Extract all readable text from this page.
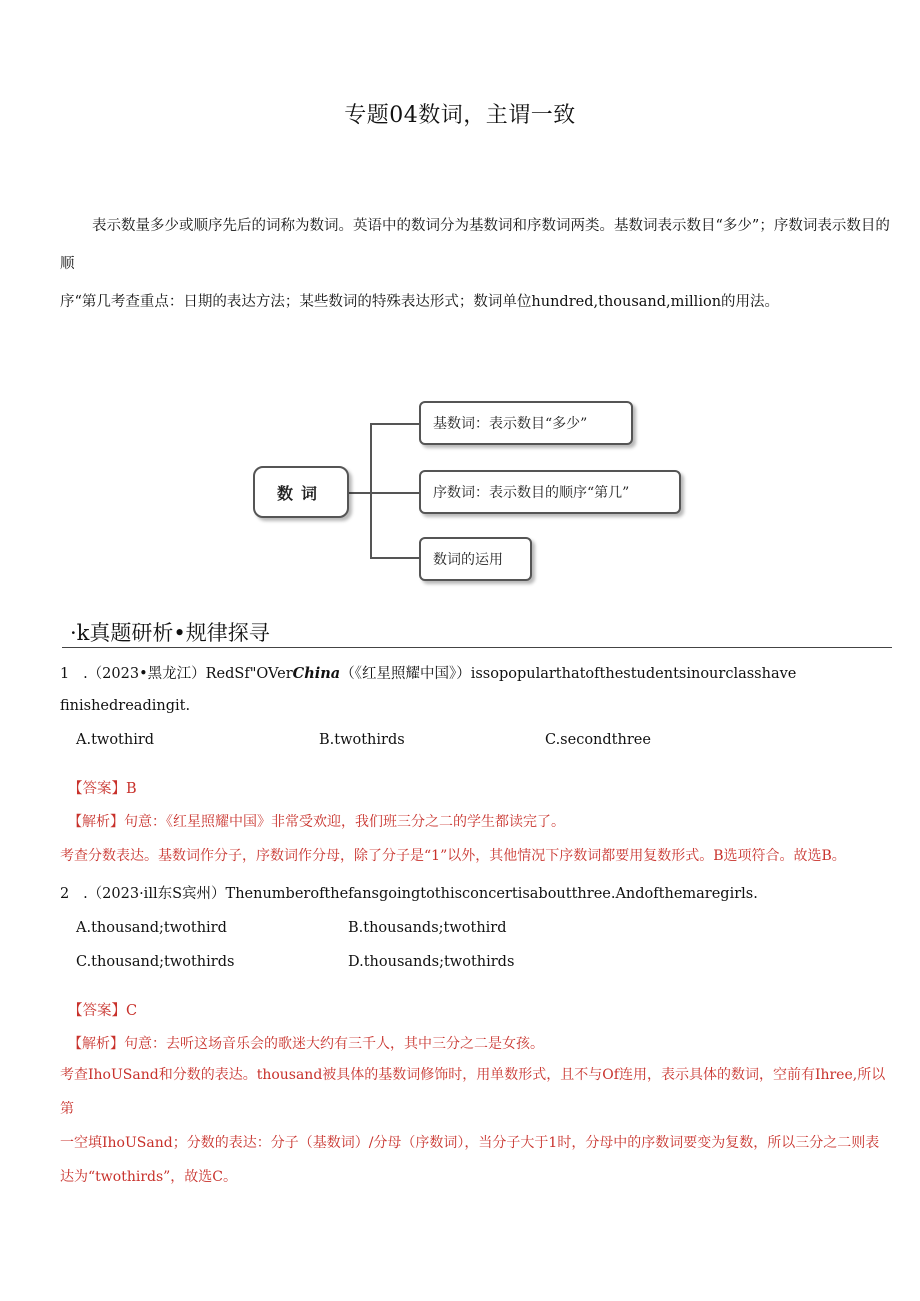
专题04数词，主谓一致

表示数量多少或顺序先后的词称为数词。英语中的数词分为基数词和序数词两类。基数词表示数目“多少”；序数词表示数目的顺

序“第几考查重点：日期的表达方法；某些数词的特殊表达形式；数词单位hundred,thousand,million的用法。

数词
基数词：表示数目“多少”
序数词：表示数目的顺序“第几”
数词的运用
·k真题研析•规律探寻
1 .（2023•黑龙江）RedSf"OVerChina（《红星照耀中国》）issopopularthatofthestudentsinourclasshave
finishedreadingit.
A.twothird	B.twothirds	C.secondthree
【答案】B
【解析】句意：《红星照耀中国》非常受欢迎，我们班三分之二的学生都读完了。
考查分数表达。基数词作分子，序数词作分母，除了分子是“1”以外，其他情况下序数词都要用复数形式。B选项符合。故选B。
2 .（2023·ill东S宾州）Thenumberofthefansgoingtothisconcertisaboutthree.Andofthemaregirls.
A.thousand;twothird	B.thousands;twothird
C.thousand;twothirds	D.thousands;twothirds
【答案】C
【解析】句意：去听这场音乐会的歌迷大约有三千人，其中三分之二是女孩。

考查IhoUSand和分数的表达。thousand被具体的基数词修饰时，用单数形式，且不与Of连用，表示具体的数词，空前有Ihree,所以第

一空填IhoUSand；分数的表达：分子（基数词）/分母（序数词），当分子大于1时，分母中的序数词要变为复数，所以三分之二则表

达为“twothirds”，故选C。
